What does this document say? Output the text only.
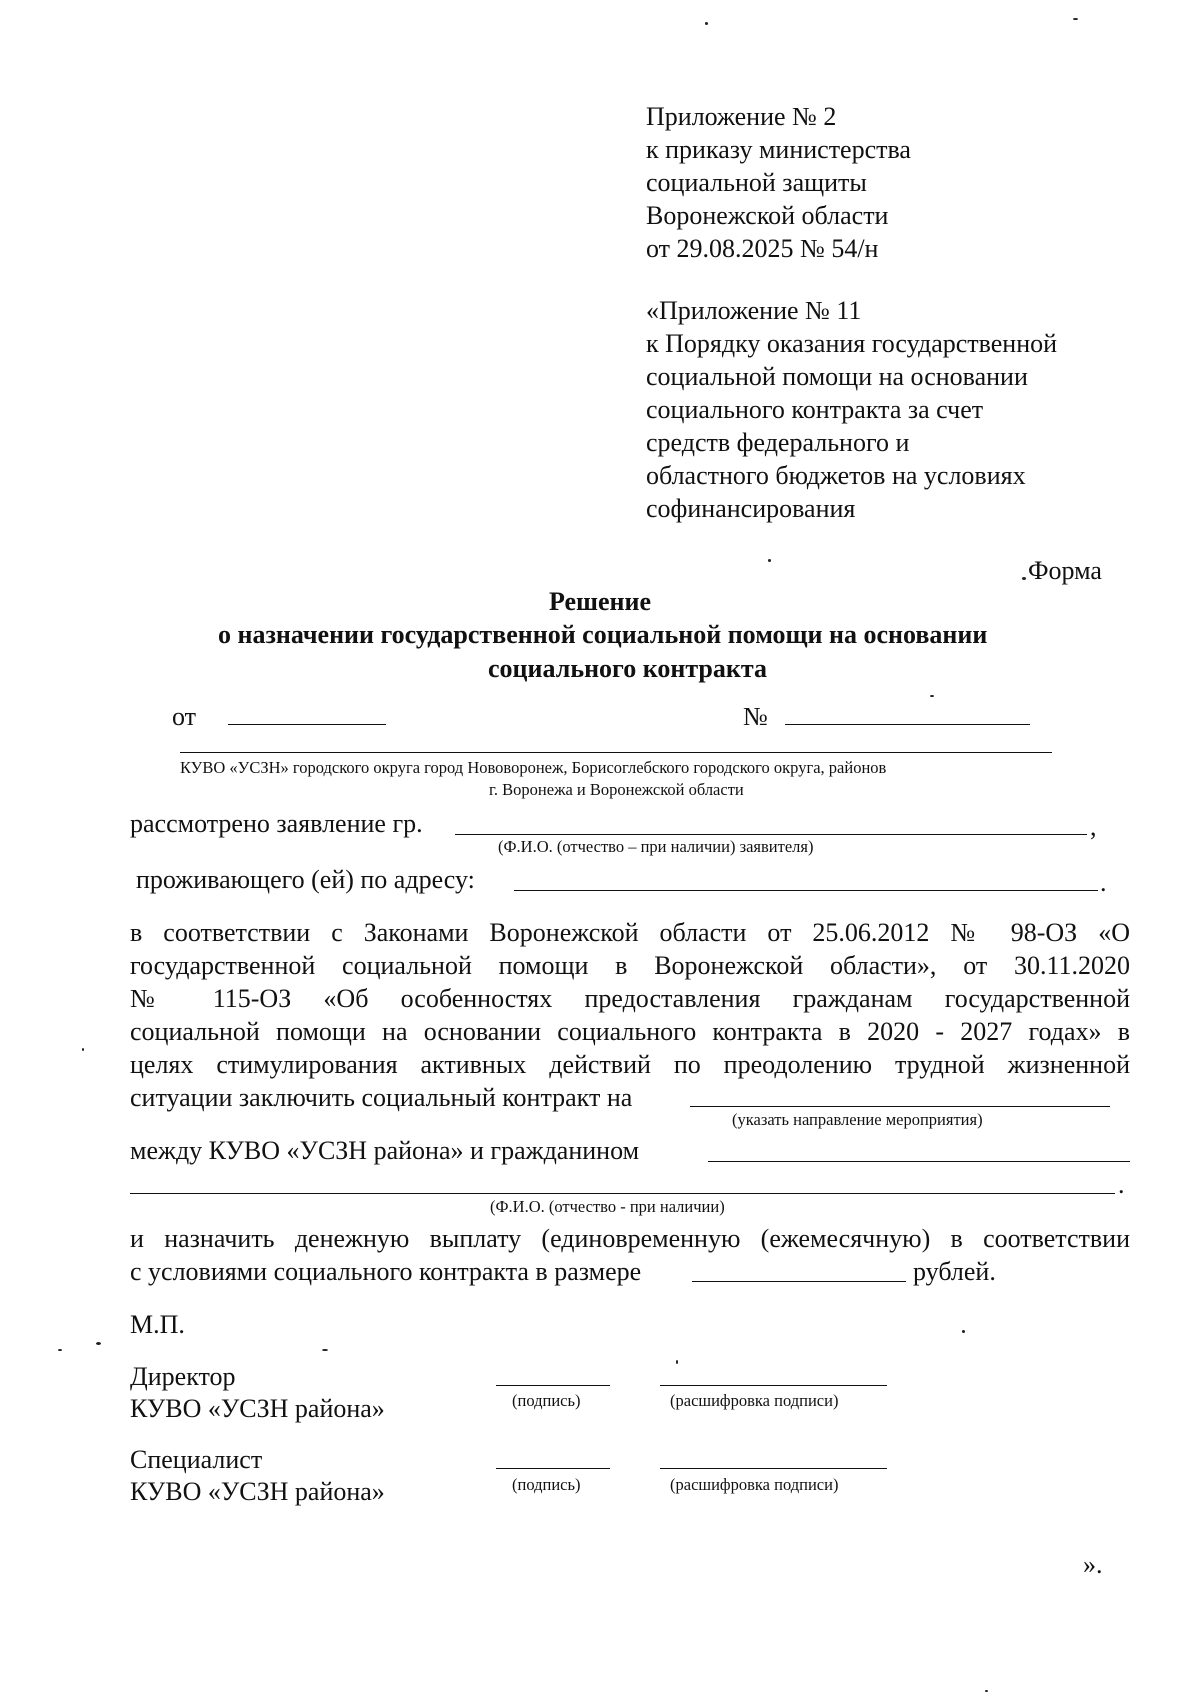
Приложение № 2
к приказу министерства
социальной защиты
Воронежской области
от 29.08.2025 № 54/н
«Приложение № 11
к Порядку оказания государственной
социальной помощи на основании
социального контракта за счет
средств федерального и
областного бюджетов на условиях
софинансирования
Форма
Решение
о назначении государственной социальной помощи на основании
социального контракта
от	№
КУВО «УСЗН» городского округа город Нововоронеж, Борисоглебского городского округа, районов
г. Воронежа и Воронежской области
рассмотрено заявление гр.	,
(Ф.И.О. (отчество – при наличии) заявителя)
проживающего (ей) по адресу:	.
в соответствии с Законами Воронежской области от 25.06.2012 № 98-ОЗ «О
государственной социальной помощи в Воронежской области», от 30.11.2020
№ 115-ОЗ «Об особенностях предоставления гражданам государственной
социальной помощи на основании социального контракта в 2020 - 2027 годах» в
целях стимулирования активных действий по преодолению трудной жизненной
ситуации заключить социальный контракт на
(указать направление мероприятия)
между КУВО «УСЗН района» и гражданином
.
(Ф.И.О. (отчество - при наличии)
и назначить денежную выплату (единовременную (ежемесячную) в соответствии
с условиями социального контракта в размере	рублей.
М.П.
Директор
КУВО «УСЗН района»	(подпись)	(расшифровка подписи)
Специалист
КУВО «УСЗН района»	(подпись)	(расшифровка подписи)
».
